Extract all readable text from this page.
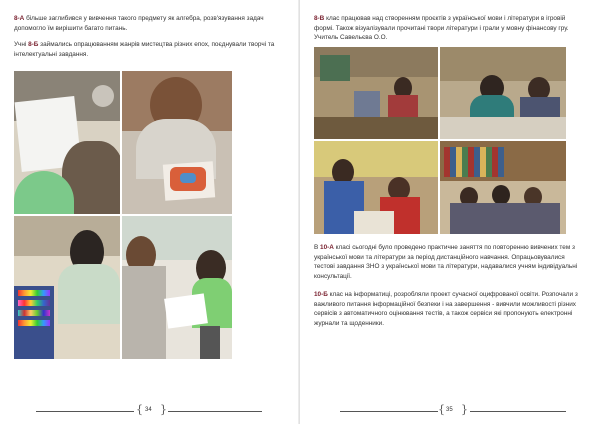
8-А більше заглибився у вивчення такого предмету як алгебра, розв'язування задач допомогло їм вирішити багато питань.

Учні 8-Б займались опрацюванням жанрів мистецтва різних епох, поєднували творчі та інтелектуальні завдання.

{ 34 }

8-В клас працював над створенням проєктів з української мови і літератури в ігровій формі. Також візуалізували прочитані твори літератури і грали у мовну фінансову гру.
Учитель Савельєва О.О.

В 10-А класі сьогодні було проведено практичне заняття по повторенню вивчених тем з української мови та літератури за період дистанційного навчання. Опрацьовувалися тестові завдання ЗНО з української мови та літератури, надавалися учням індивідуальні консультації.

10-Б клас на інформатиці, розробляли проект сучасної оцифрованої освіти. Розпочали з важливого питання інформаційної безпеки і на завершення - вивчили можливості різних сервісів з автоматичного оцінювання тестів, а також сервіси які пропонують електронні журнали та щоденники.

{ 35 }
